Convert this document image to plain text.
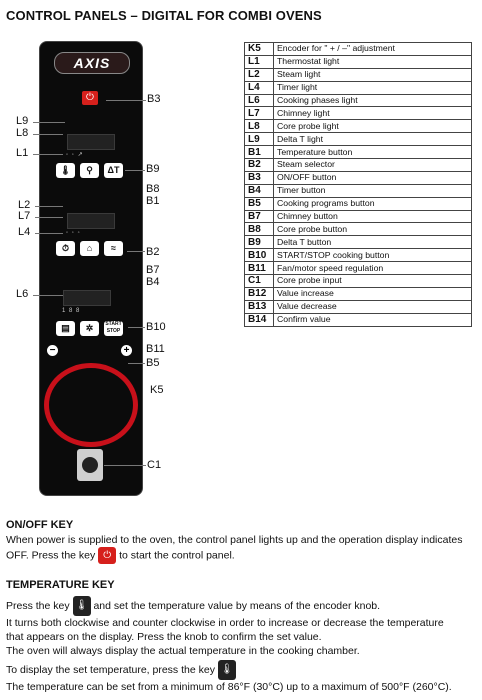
CONTROL PANELS – DIGITAL FOR COMBI OVENS
AXIS
⏻
◦ ◦ ↗
🌡	⚲	ΔT
◦ ◦ ◦
⏱	⌂	≈
1 8 8
▤	✲	START STOP
−	+
B3
L9
L8
L1
B9
B8
B1
L2
L7
L4
B2
B7
B4
L6
B10
B11
B5
K5
C1
K5	Encoder for " + / –" adjustment
L1	Thermostat light
L2	Steam light
L4	Timer light
L6	Cooking phases light
L7	Chimney light
L8	Core probe light
L9	Delta T light
B1	Temperature button
B2	Steam selector
B3	ON/OFF button
B4	Timer button
B5	Cooking programs button
B7	Chimney button
B8	Core probe button
B9	Delta T button
B10	START/STOP cooking button
B11	Fan/motor speed regulation
C1	Core probe input
B12	Value increase
B13	Value decrease
B14	Confirm value
ON/OFF KEY
When power is supplied to the oven, the control panel lights up and the operation display indicates
OFF. Press the key ⏻ to start the control panel.
TEMPERATURE KEY
Press the key 🌡 and set the temperature value by means of the encoder knob.
It turns both clockwise and counter clockwise in order to increase or decrease the temperature
that appears on the display. Press the knob to confirm the set value.
The oven will always display the actual temperature in the cooking chamber.
To display the set temperature, press the key 🌡
The temperature can be set from a minimum of 86°F (30°C) up to a maximum of 500°F (260°C).
